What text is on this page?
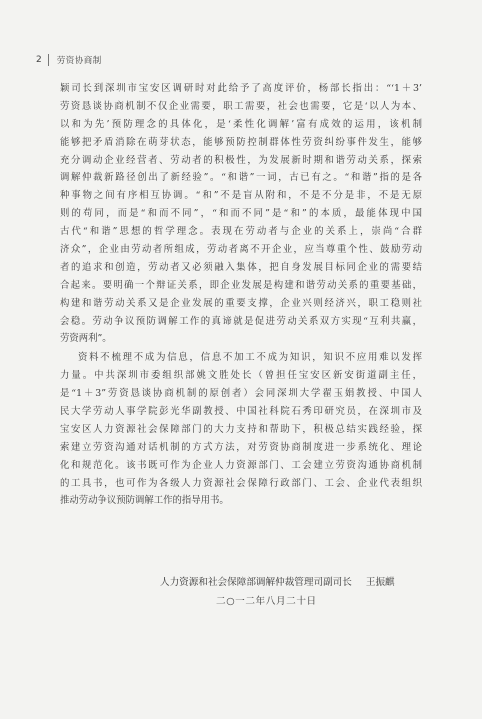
2 劳资协商制
颖司长到深圳市宝安区调研时对此给予了高度评价，杨部长指出：“‘1＋3’
劳资恳谈协商机制不仅企业需要，职工需要，社会也需要，它是‘以人为本、
以和为先’预防理念的具体化，是‘柔性化调解’富有成效的运用，该机制
能够把矛盾消除在萌芽状态，能够预防控制群体性劳资纠纷事件发生，能够
充分调动企业经营者、劳动者的积极性，为发展新时期和谐劳动关系，探索
调解仲裁新路径创出了新经验”。“和谐”一词，古已有之。“和谐”指的是各
种事物之间有序相互协调。“和”不是盲从附和，不是不分是非，不是无原
则的苟同，而是“和而不同”，“和而不同”是“和”的本质，最能体现中国
古代“和谐”思想的哲学理念。表现在劳动者与企业的关系上，崇尚“合群
济众”，企业由劳动者所组成，劳动者离不开企业，应当尊重个性、鼓励劳动
者的追求和创造，劳动者又必须融入集体，把自身发展目标同企业的需要结
合起来。要明确一个辩证关系，即企业发展是构建和谐劳动关系的重要基础，
构建和谐劳动关系又是企业发展的重要支撑，企业兴则经济兴，职工稳则社
会稳。劳动争议预防调解工作的真谛就是促进劳动关系双方实现“互利共赢，
劳资两利”。
资料不梳理不成为信息，信息不加工不成为知识，知识不应用难以发挥
力量。中共深圳市委组织部姚文胜处长（曾担任宝安区新安街道副主任，
是“1＋3”劳资恳谈协商机制的原创者）会同深圳大学翟玉娟教授、中国人
民大学劳动人事学院彭光华副教授、中国社科院石秀印研究员，在深圳市及
宝安区人力资源社会保障部门的大力支持和帮助下，积极总结实践经验，探
索建立劳资沟通对话机制的方式方法，对劳资协商制度进一步系统化、理论
化和规范化。该书既可作为企业人力资源部门、工会建立劳资沟通协商机制
的工具书，也可作为各级人力资源社会保障行政部门、工会、企业代表组织
推动劳动争议预防调解工作的指导用书。
人力资源和社会保障部调解仲裁管理司副司长 王振麒
二○一二年八月二十日
